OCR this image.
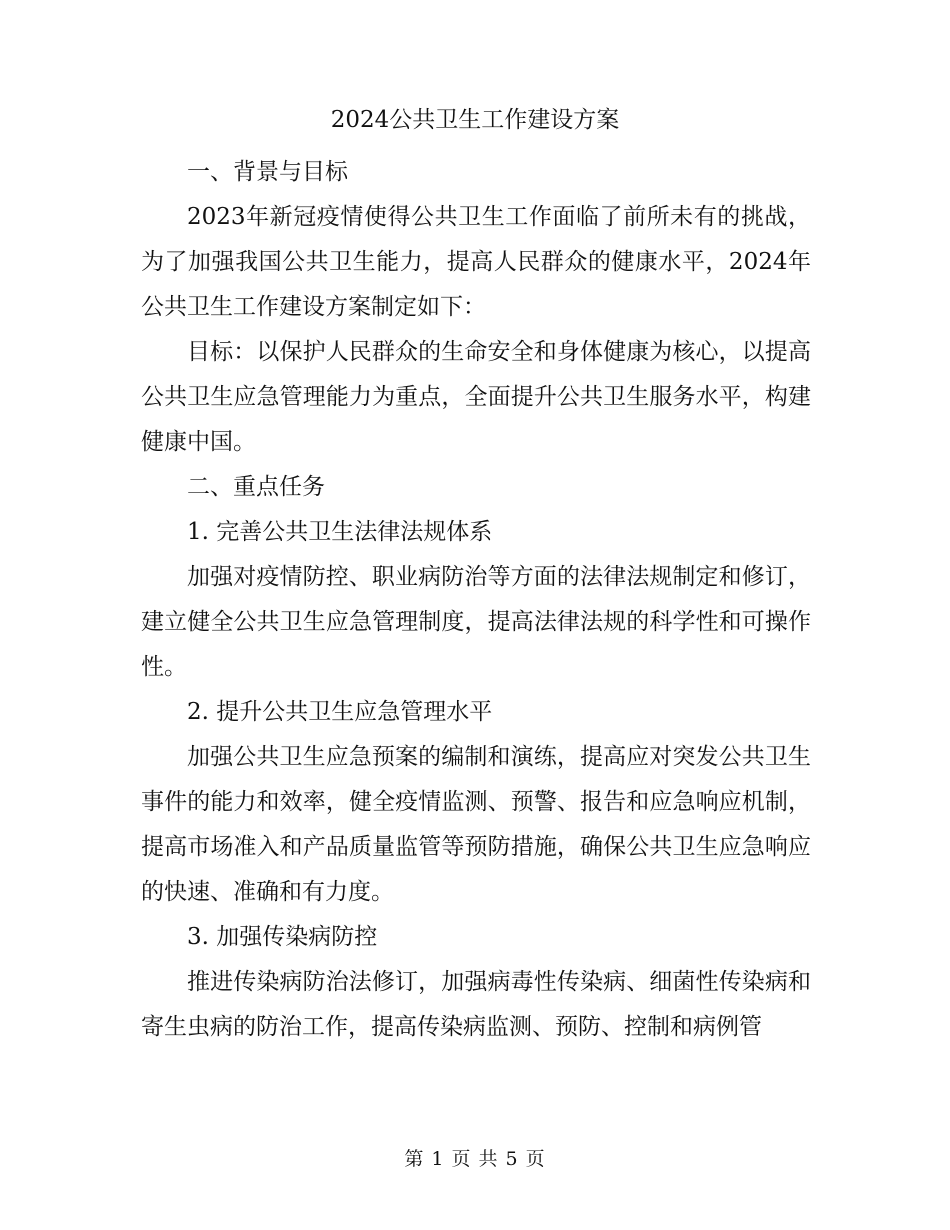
2024公共卫生工作建设方案

一、背景与目标

2023年新冠疫情使得公共卫生工作面临了前所未有的挑战，为了加强我国公共卫生能力，提高人民群众的健康水平，2024年公共卫生工作建设方案制定如下：

目标：以保护人民群众的生命安全和身体健康为核心，以提高公共卫生应急管理能力为重点，全面提升公共卫生服务水平，构建健康中国。

二、重点任务

1. 完善公共卫生法律法规体系

加强对疫情防控、职业病防治等方面的法律法规制定和修订，建立健全公共卫生应急管理制度，提高法律法规的科学性和可操作性。

2. 提升公共卫生应急管理水平

加强公共卫生应急预案的编制和演练，提高应对突发公共卫生事件的能力和效率，健全疫情监测、预警、报告和应急响应机制，提高市场准入和产品质量监管等预防措施，确保公共卫生应急响应的快速、准确和有力度。

3. 加强传染病防控

推进传染病防治法修订，加强病毒性传染病、细菌性传染病和寄生虫病的防治工作，提高传染病监测、预防、控制和病例管

第 1 页 共 5 页
